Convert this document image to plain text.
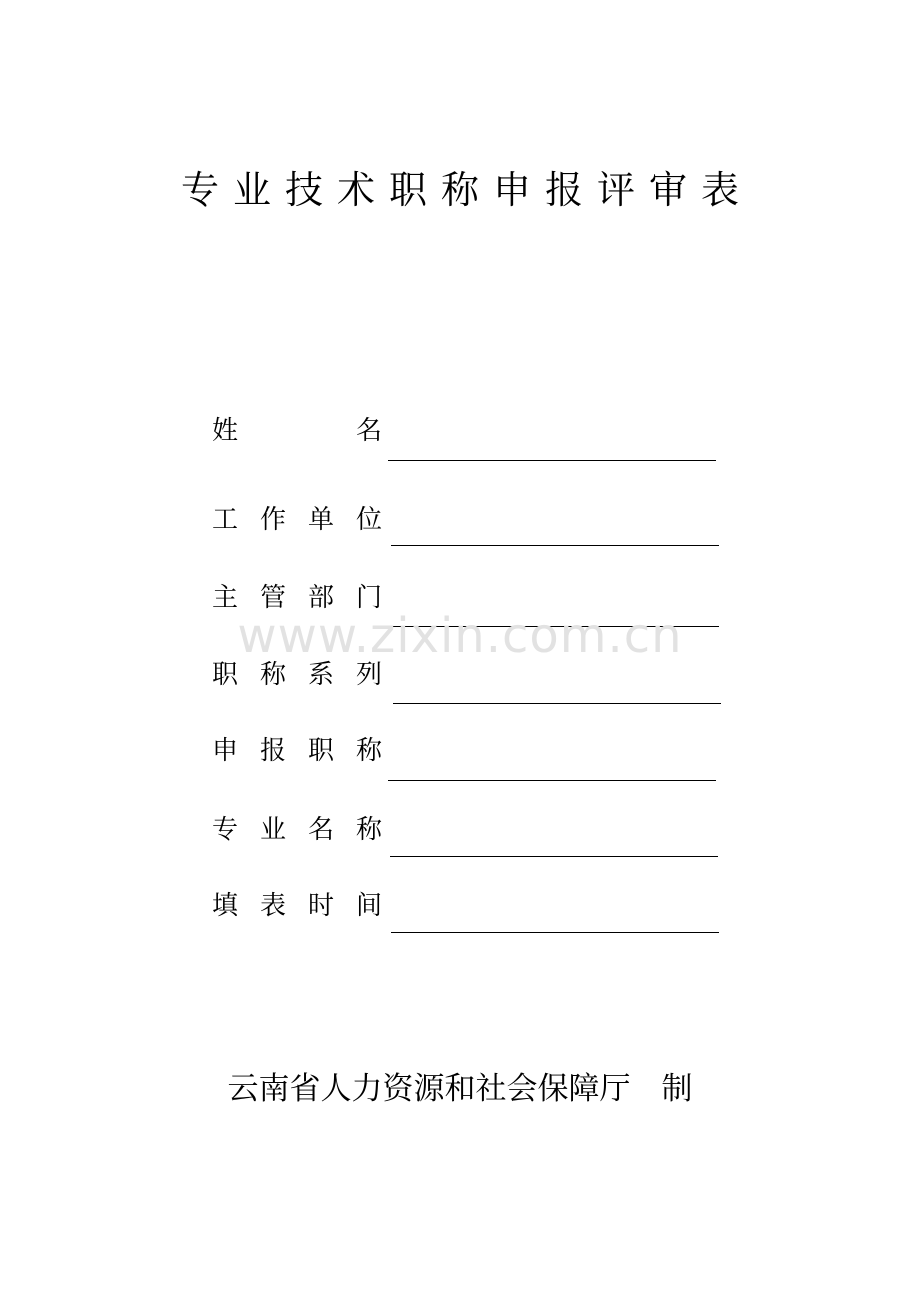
专业技术职称申报评审表
姓	名
工 作 单 位
主 管 部 门
www.zixin.com.cn
职 称 系 列
申 报 职 称
专 业 名 称
填 表 时 间
云南省人力资源和社会保障厅　制
